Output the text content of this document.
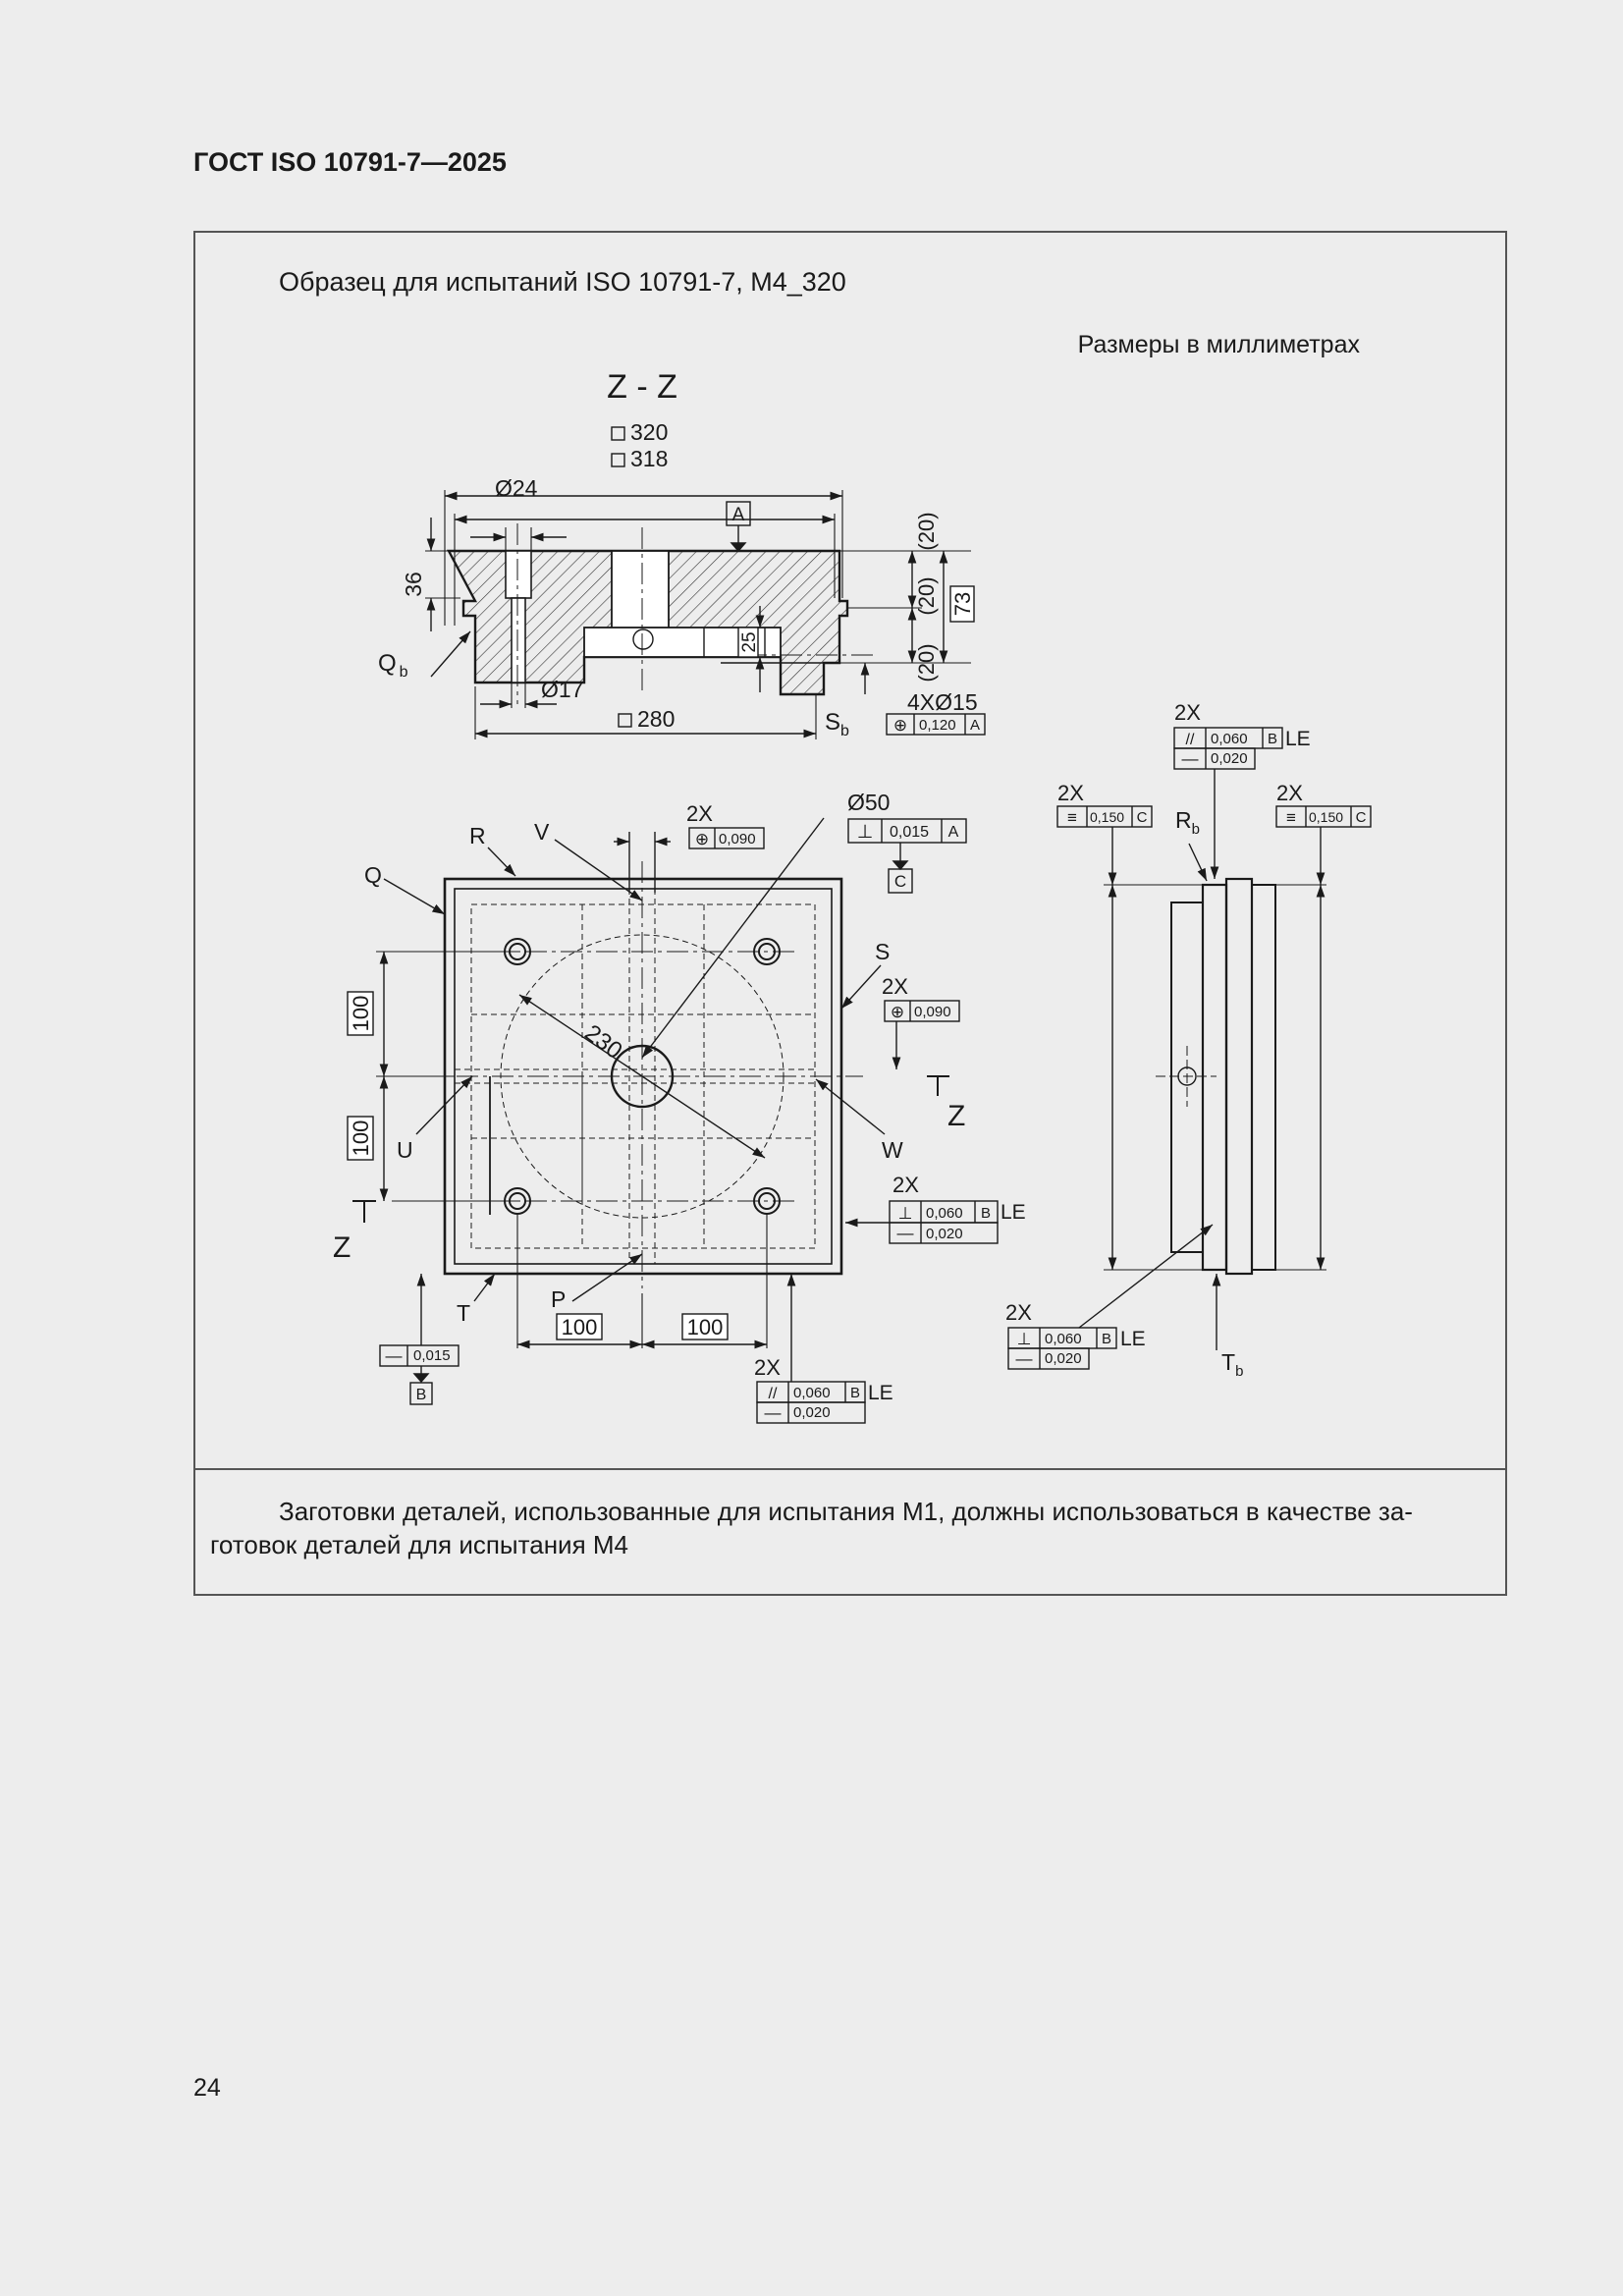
ГОСТ ISO 10791-7—2025
Образец для испытаний ISO 10791-7, M4_320
Размеры в миллиметрах
Z - Z
320
318
Ø24
Ø17
280
36
73
25
(20)
(20)
(20)
A
Q $_b$
$S_b$
4XØ15
⊕ 0,120 A
Z
Z
100
100
100	100
230
Ø50
R V
Q
S
U	W
T
P
2X
⊕ 0,090	⊥ 0,015 A
C
2X
⊕ 0,090
2X
⊥ 0,060 B LE
— 0,020
2X
// 0,060 B LE
— 0,020
— 0,015
B
$R_b$
$T_b$
2X
// 0,060 B LE
— 0,020
2X
≡ 0,150 C
2X
≡ 0,150 C
2X
⊥ 0,060 B LE
— 0,020
Заготовки деталей, использованные для испытания M1, должны использоваться в качестве за-
готовок деталей для испытания M4
24
